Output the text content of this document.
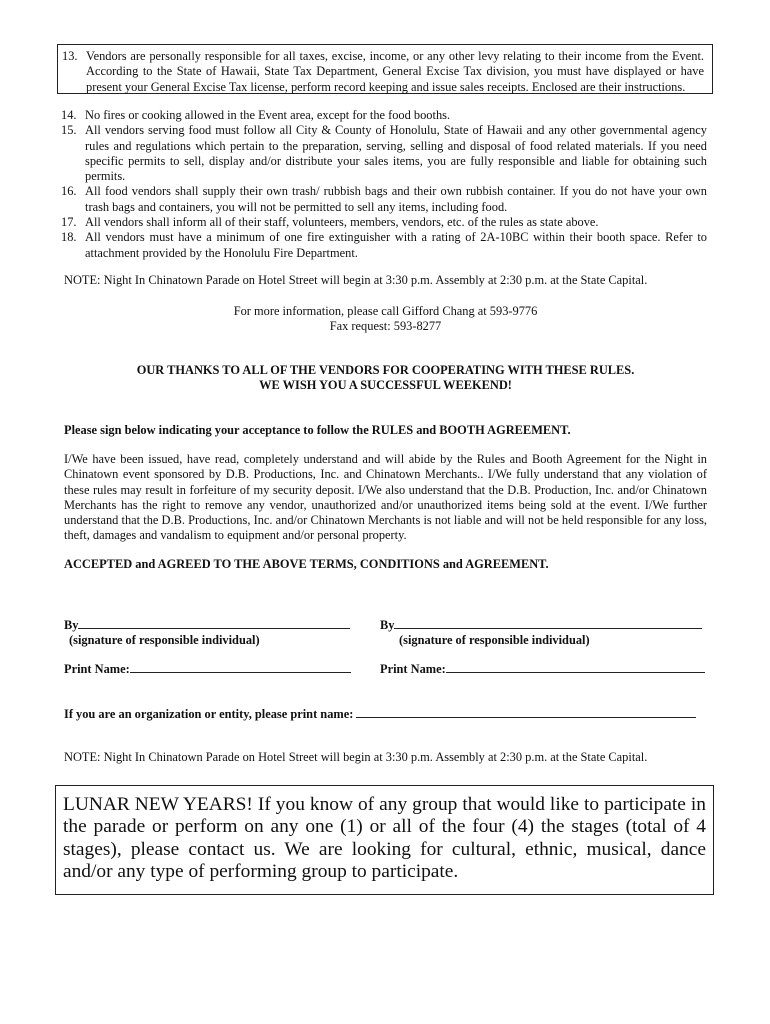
13. Vendors are personally responsible for all taxes, excise, income, or any other levy relating to their income from the Event. According to the State of Hawaii, State Tax Department, General Excise Tax division, you must have displayed or have present your General Excise Tax license, perform record keeping and issue sales receipts. Enclosed are their instructions.
14. No fires or cooking allowed in the Event area, except for the food booths.
15. All vendors serving food must follow all City & County of Honolulu, State of Hawaii and any other governmental agency rules and regulations which pertain to the preparation, serving, selling and disposal of food related materials. If you need specific permits to sell, display and/or distribute your sales items, you are fully responsible and liable for obtaining such permits.
16. All food vendors shall supply their own trash/ rubbish bags and their own rubbish container. If you do not have your own trash bags and containers, you will not be permitted to sell any items, including food.
17. All vendors shall inform all of their staff, volunteers, members, vendors, etc. of the rules as state above.
18. All vendors must have a minimum of one fire extinguisher with a rating of 2A-10BC within their booth space. Refer to attachment provided by the Honolulu Fire Department.
NOTE: Night In Chinatown Parade on Hotel Street will begin at 3:30 p.m. Assembly at 2:30 p.m. at the State Capital.
For more information, please call Gifford Chang at 593-9776
Fax request: 593-8277
OUR THANKS TO ALL OF THE VENDORS FOR COOPERATING WITH THESE RULES.
WE WISH YOU A SUCCESSFUL WEEKEND!
Please sign below indicating your acceptance to follow the RULES and BOOTH AGREEMENT.
I/We have been issued, have read, completely understand and will abide by the Rules and Booth Agreement for the Night in Chinatown event sponsored by D.B. Productions, Inc. and Chinatown Merchants.. I/We fully understand that any violation of these rules may result in forfeiture of my security deposit. I/We also understand that the D.B. Production, Inc. and/or Chinatown Merchants has the right to remove any vendor, unauthorized and/or unauthorized items being sold at the event. I/We further understand that the D.B. Productions, Inc. and/or Chinatown Merchants is not liable and will not be held responsible for any loss, theft, damages and vandalism to equipment and/or personal property.
ACCEPTED and AGREED TO THE ABOVE TERMS, CONDITIONS and AGREEMENT.
By
(signature of responsible individual)
By
(signature of responsible individual)
Print Name:	Print Name:
If you are an organization or entity, please print name:
NOTE: Night In Chinatown Parade on Hotel Street will begin at 3:30 p.m. Assembly at 2:30 p.m. at the State Capital.
LUNAR NEW YEARS! If you know of any group that would like to participate in the parade or perform on any one (1) or all of the four (4) the stages (total of 4 stages), please contact us. We are looking for cultural, ethnic, musical, dance and/or any type of performing group to participate.
